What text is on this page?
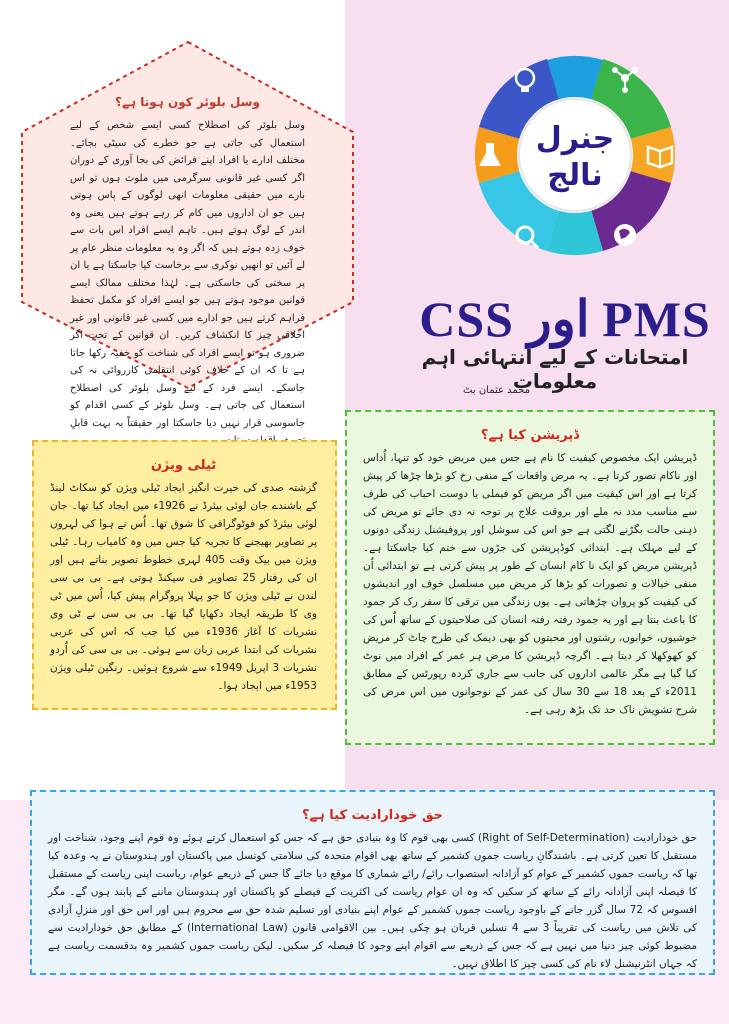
وسل بلوئر کون ہوتا ہے؟

وسل بلوئر کی اصطلاح کسی ایسے شخص کے لیے استعمال کی جاتی ہے جو خطرے کی سیٹی بجائے۔ مختلف ادارے یا افراد اپنے فرائض کی بجا آوری کے دوران اگر کسی غیر قانونی سرگرمی میں ملوث ہوں تو اس بارے میں حقیقی معلومات انھی لوگوں کے پاس ہوتی ہیں جو ان اداروں میں کام کر رہے ہوتے ہیں یعنی وہ اندر کے لوگ ہوتے ہیں۔ تاہم ایسے افراد اس بات سے خوف زدہ ہوتے ہیں کہ اگر وہ یہ معلومات منظر عام پر لے آئیں تو انھیں نوکری سے برخاست کیا جاسکتا ہے یا ان پر سختی کی جاسکتی ہے۔ لہٰذا مختلف ممالک ایسے قوانین موجود ہوتے ہیں جو ایسے افراد کو مکمل تحفظ فراہم کرتے ہیں جو ادارے میں کسی غیر قانونی اور غیر اخلاقی چیز کا انکشاف کریں۔ ان قوانین کے تحت اگر ضروری ہو تو ایسے افراد کی شناخت کو خفیہ رکھا جاتا ہے تا کہ ان کے خلاف کوئی انتقامی کارروائی نہ کی جاسکے۔ ایسے فرد کے لیے وسل بلوئر کی اصطلاح استعمال کی جاتی ہے۔ وسل بلوئر کے کسی اقدام کو جاسوسی قرار نہیں دیا جاسکتا اور حقیقتاً یہ بہت قابلِ

جنرل
نالج
CSS اور PMS
امتحانات کے لیے انتہائی اہم معلومات
محمد عثمان بٹ
ٹیلی ویژن

گزشتہ صدی کی حیرت انگیز ایجاد ٹیلی ویژن کو سکاٹ لینڈ کے باشندے جان لوئی بیئرڈ نے 1926ء میں ایجاد کیا تھا۔ جان لوئی بیئرڈ کو فوٹوگرافی کا شوق تھا۔ اُس نے ہوا کی لہروں پر تصاویر بھیجنے کا تجربہ کیا جس میں وہ کامیاب رہا۔ ٹیلی ویژن میں بیک وقت 405 لہری خطوط تصویر بناتے ہیں اور ان کی رفتار 25 تصاویر فی سیکنڈ ہوتی ہے۔ بی بی سی لندن نے ٹیلی ویژن کا جو پہلا پروگرام پیش کیا، اُس میں ٹی وی کا طریقہ ایجاد دکھایا گیا تھا۔ بی بی سی نے ٹی وی نشریات کا آغاز 1936ء میں کیا جب کہ اس کی عربی نشریات کی ابتدا عربی زبان سے ہوئی۔ بی بی سی کی اُردو نشریات 3 اپریل 1949ء سے شروع ہوئیں۔ رنگین ٹیلی ویژن 1953ء میں ایجاد ہوا۔

ڈپریشن کیا ہے؟

ڈپریشن ایک مخصوص کیفیت کا نام ہے جس میں مریض خود کو تنہا، اُداس اور ناکام تصور کرتا ہے۔ یہ مرض واقعات کے منفی رخ کو بڑھا چڑھا کر پیش کرتا ہے اور اس کیفیت میں اگر مریض کو فیملی یا دوست احباب کی طرف سے مناسب مدد نہ ملے اور بروقت علاج پر توجہ نہ دی جائے تو مریض کی ذہنی حالت بگڑنے لگتی ہے جو اس کی سوشل اور پروفیشنل زندگی دونوں کے لیے مہلک ہے۔ ابتدائی کوڈپریشن کی جڑوں سے ختم کیا جاسکتا ہے۔ ڈپریشن مریض کو ایک نا کام انسان کے طور پر پیش کرتی ہے تو ابتدائی اُن منفی خیالات و تصورات کو بڑھا کر مریض میں مسلسل خوف اور اندیشوں کی کیفیت کو پروان چڑھاتی ہے۔ یوں زندگی میں ترقی کا سفر رک کر جمود کا باعث بنتا ہے اور یہ جمود رفتہ رفتہ انسان کی صلاحیتوں کے ساتھ اُس کی خوشیوں، خوابوں، رشتوں اور محبتوں کو بھی دیمک کی طرح چاٹ کر مریض کو کھوکھلا کر دیتا ہے۔ اگرچہ ڈپریشن کا مرض ہر عمر کے افراد میں نوٹ کیا گیا ہے مگر عالمی اداروں کی جانب سے جاری کردہ رپورٹس کے مطابق 2011ء کے بعد 18 سے 30 سال کی عمر کے نوجوانوں میں اس مرض کی شرح تشویش ناک حد تک بڑھ رہی ہے۔

حق خودارادیت کیا ہے؟

حق خودارادیت (Right of Self-Determination) کسی بھی قوم کا وہ بنیادی حق ہے کہ جس کو استعمال کرتے ہوئے وہ قوم اپنے وجود، شناخت اور مستقبل کا تعین کرتی ہے۔ باشندگانِ ریاست جموں کشمیر کے ساتھ بھی اقوام متحدہ کی سلامتی کونسل میں پاکستان اور ہندوستان نے یہ وعدہ کیا تھا کہ ریاست جموں کشمیر کے عوام کو آزادانہ استصواب رائے/ رائے شماری کا موقع دیا جائے گا جس کے ذریعے عوام، ریاست اپنی ریاست کے مستقبل کا فیصلہ اپنی آزادانہ رائے کے ساتھ کر سکیں کہ وہ ان عوام ریاست کی اکثریت کے فیصلے کو پاکستان اور ہندوستان ماننے کے پابند ہوں گے۔ مگر افسوس کہ 72 سال گزر جانے کے باوجود ریاست جموں کشمیر کے عوام اپنے بنیادی اور تسلیم شدہ حق سے محروم ہیں اور اس حق اور منزلِ آزادی کی تلاش میں ریاست کی تقریباً 3 سے 4 نسلیں قربان ہو چکی ہیں۔ بین الاقوامی قانون (International Law) کے مطابق حق خودارادیت سے مضبوط کوئی چیز دنیا میں نہیں ہے کہ جس کے ذریعے سے اقوام اپنے وجود کا فیصلہ کر سکیں۔ لیکن ریاست جموں کشمیر وہ بدقسمت ریاست ہے کہ جہاں انٹرنیشنل لاء نام کی کسی چیز کا اطلاق نہیں۔
